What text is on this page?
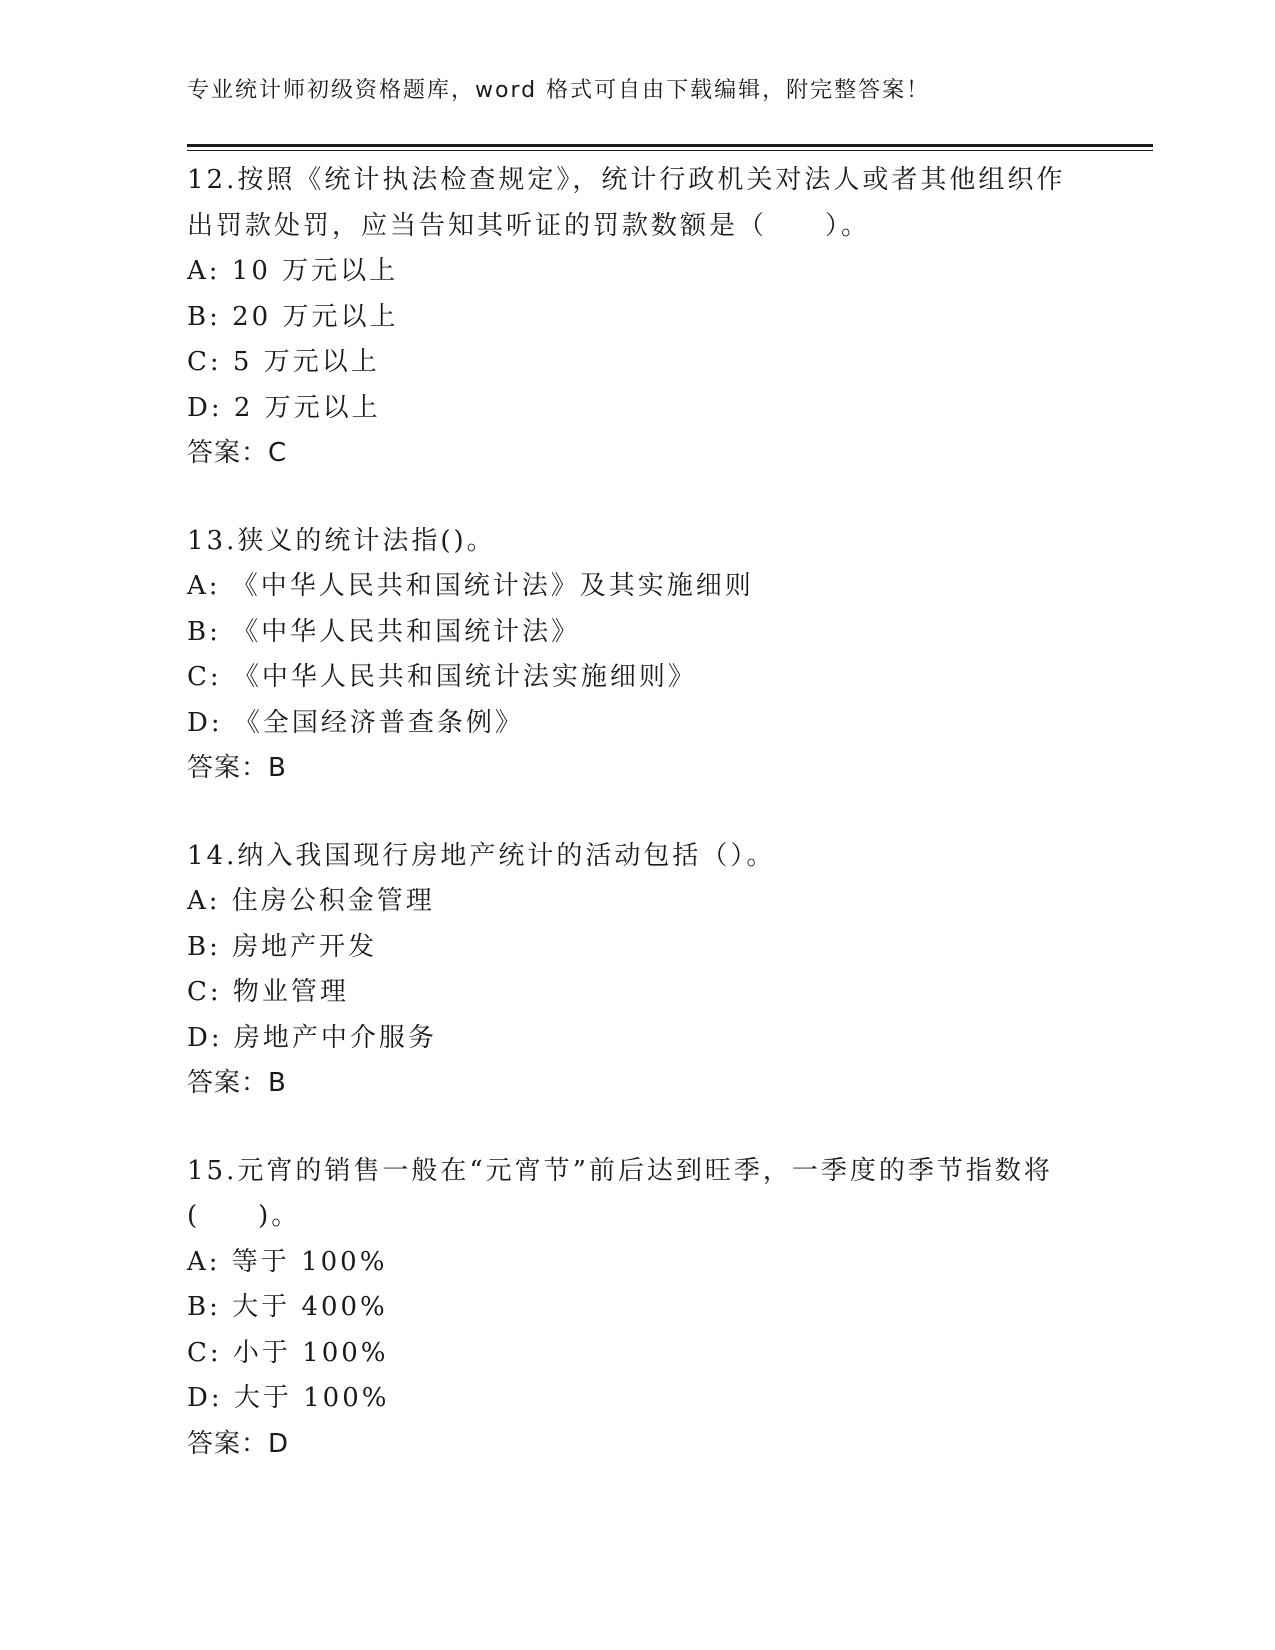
专业统计师初级资格题库，word 格式可自由下载编辑，附完整答案！
12.按照《统计执法检查规定》，统计行政机关对法人或者其他组织作
出罚款处罚，应当告知其听证的罚款数额是（　　）。
A: 10 万元以上
B: 20 万元以上
C: 5 万元以上
D: 2 万元以上
答案：C
13.狭义的统计法指()。
A: 《中华人民共和国统计法》及其实施细则
B: 《中华人民共和国统计法》
C: 《中华人民共和国统计法实施细则》
D: 《全国经济普查条例》
答案：B
14.纳入我国现行房地产统计的活动包括（）。
A: 住房公积金管理
B: 房地产开发
C: 物业管理
D: 房地产中介服务
答案：B
15.元宵的销售一般在“元宵节”前后达到旺季，一季度的季节指数将
(　　)。
A: 等于 100%
B: 大于 400%
C: 小于 100%
D: 大于 100%
答案：D
